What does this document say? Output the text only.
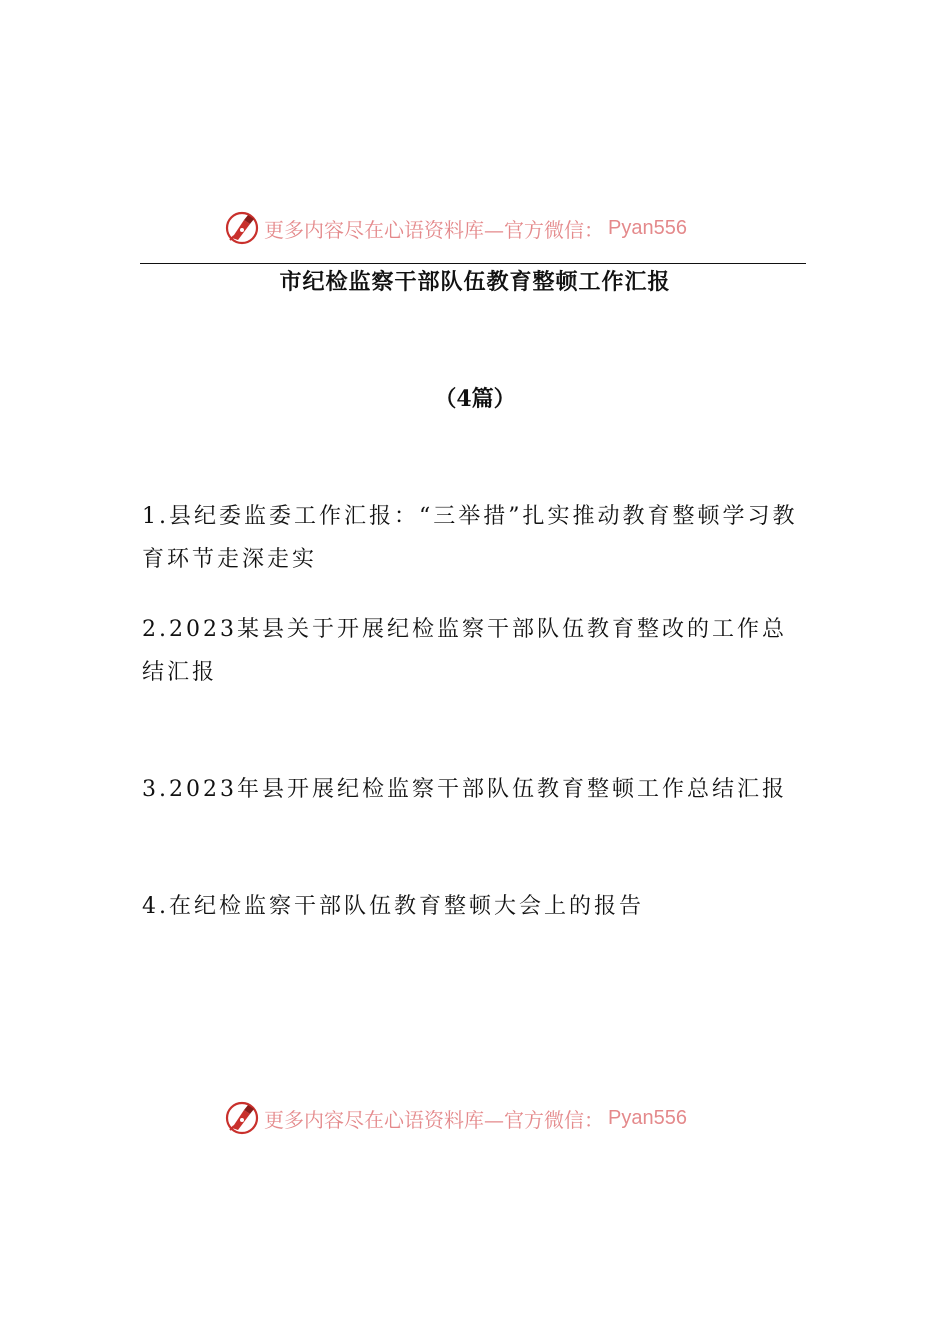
更多内容尽在心语资料库—官方微信： Pyan556
市纪检监察干部队伍教育整顿工作汇报
（4篇）
1.县纪委监委工作汇报：“三举措”扎实推动教育整顿学习教育环节走深走实
2.2023某县关于开展纪检监察干部队伍教育整改的工作总结汇报
3.2023年县开展纪检监察干部队伍教育整顿工作总结汇报
4.在纪检监察干部队伍教育整顿大会上的报告
更多内容尽在心语资料库—官方微信： Pyan556
